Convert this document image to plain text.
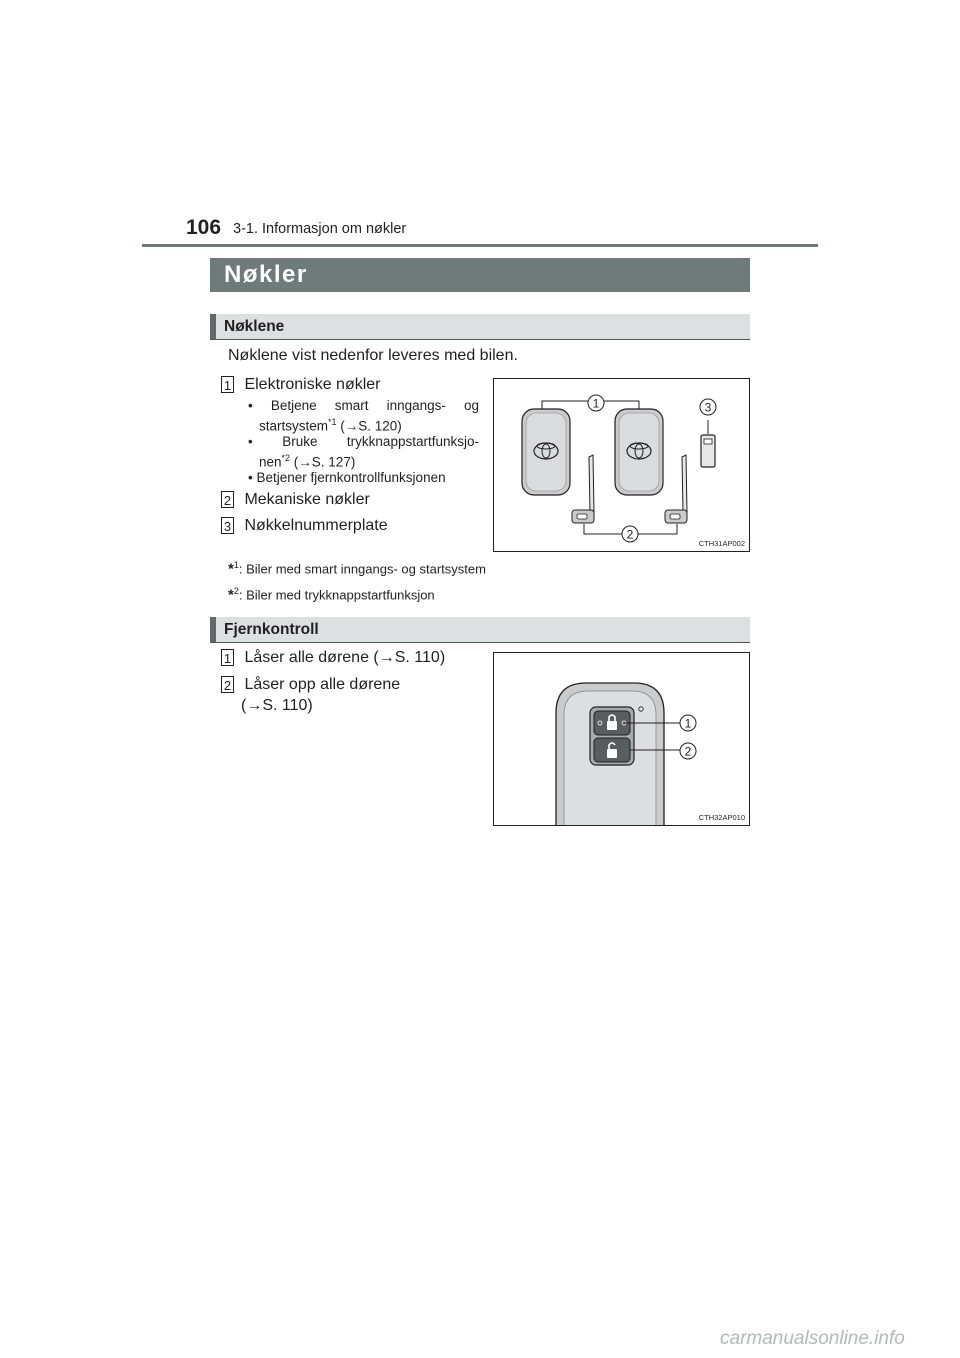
106 3-1. Informasjon om nøkler
Nøkler
Nøklene
Nøklene vist nedenfor leveres med bilen.
1 Elektroniske nøkler
• Betjene smart inngangs- og
startsystem$^{*1}$ (→S. 120)
• Bruke trykknappstartfunksjo-
nen$^{*2}$ (→S. 127)
• Betjener fjernkontrollfunksjonen
2 Mekaniske nøkler
3 Nøkkelnummerplate
1
2
3
CTH31AP002
*$^1$: Biler med smart inngangs- og startsystem
*$^2$: Biler med trykknappstartfunksjon
Fjernkontroll
1 Låser alle dørene (→S. 110)
2 Låser opp alle dørene
(→S. 110)
1
2
CTH32AP010
carmanualsonline.info
